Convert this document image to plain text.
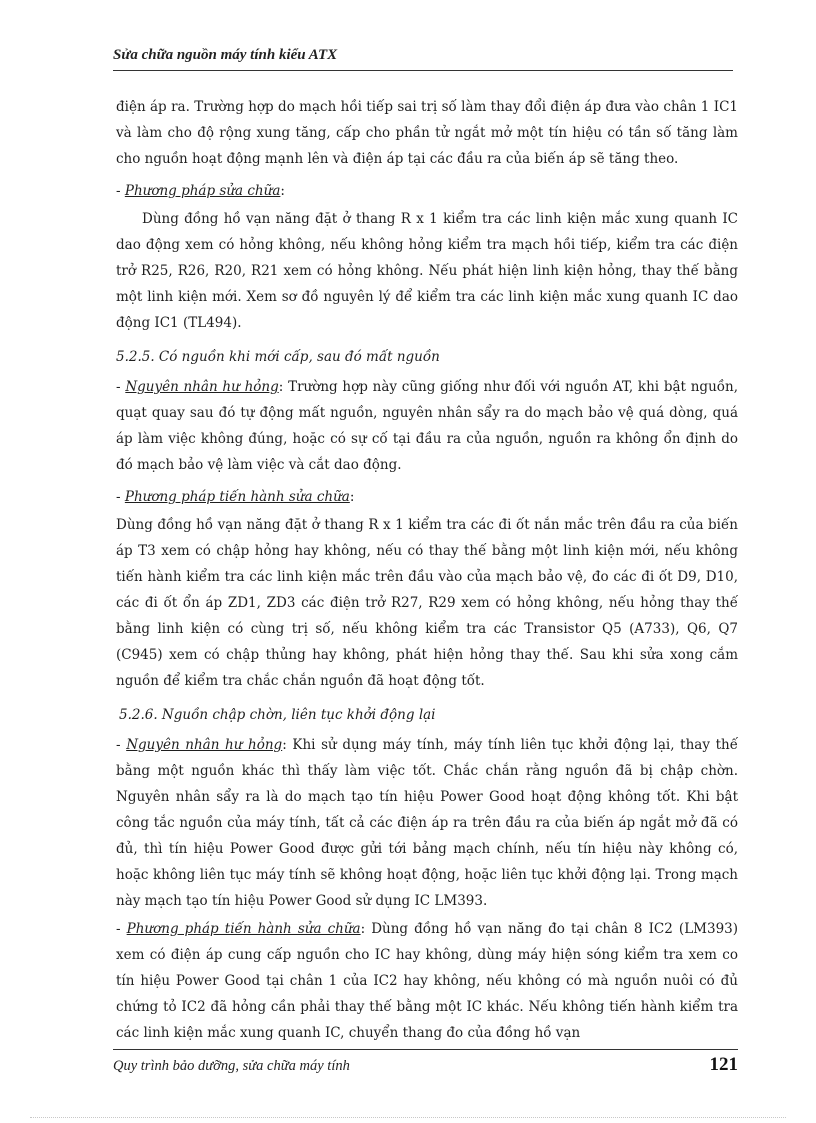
Sửa chữa nguồn máy tính kiểu ATX

điện áp ra. Trường hợp do mạch hồi tiếp sai trị số làm thay đổi điện áp đưa vào chân 1 IC1 và làm cho độ rộng xung tăng, cấp cho phần tử ngắt mở một tín hiệu có tần số tăng làm cho nguồn hoạt động mạnh lên và điện áp tại các đầu ra của biến áp sẽ tăng theo.

- Phương pháp sửa chữa:

Dùng đồng hồ vạn năng đặt ở thang R x 1 kiểm tra các linh kiện mắc xung quanh IC dao động xem có hỏng không, nếu không hỏng kiểm tra mạch hồi tiếp, kiểm tra các điện trở R25, R26, R20, R21 xem có hỏng không. Nếu phát hiện linh kiện hỏng, thay thế bằng một linh kiện mới. Xem sơ đồ nguyên lý để kiểm tra các linh kiện mắc xung quanh IC dao động IC1 (TL494).

5.2.5. Có nguồn khi mới cấp, sau đó mất nguồn

- Nguyên nhân hư hỏng: Trường hợp này cũng giống như đối với nguồn AT, khi bật nguồn, quạt quay sau đó tự động mất nguồn, nguyên nhân sẩy ra do mạch bảo vệ quá dòng, quá áp làm việc không đúng, hoặc có sự cố tại đầu ra của nguồn, nguồn ra không ổn định do đó mạch bảo vệ làm việc và cắt dao động.

- Phương pháp tiến hành sửa chữa:

Dùng đồng hồ vạn năng đặt ở thang R x 1 kiểm tra các đi ốt nắn mắc trên đầu ra của biến áp T3 xem có chập hỏng hay không, nếu có thay thế bằng một linh kiện mới, nếu không tiến hành kiểm tra các linh kiện mắc trên đầu vào của mạch bảo vệ, đo các đi ốt D9, D10, các đi ốt ổn áp ZD1, ZD3 các điện trở R27, R29 xem có hỏng không, nếu hỏng thay thế bằng linh kiện có cùng trị số, nếu không kiểm tra các Transistor Q5 (A733), Q6, Q7 (C945) xem có chập thủng hay không, phát hiện hỏng thay thế. Sau khi sửa xong cắm nguồn để kiểm tra chắc chắn nguồn đã hoạt động tốt.

5.2.6. Nguồn chập chờn, liên tục khởi động lại

- Nguyên nhân hư hỏng: Khi sử dụng máy tính, máy tính liên tục khởi động lại, thay thế bằng một nguồn khác thì thấy làm việc tốt. Chắc chắn rằng nguồn đã bị chập chờn. Nguyên nhân sẩy ra là do mạch tạo tín hiệu Power Good hoạt động không tốt. Khi bật công tắc nguồn của máy tính, tất cả các điện áp ra trên đầu ra của biến áp ngắt mở đã có đủ, thì tín hiệu Power Good được gửi tới bảng mạch chính, nếu tín hiệu này không có, hoặc không liên tục máy tính sẽ không hoạt động, hoặc liên tục khởi động lại. Trong mạch này mạch tạo tín hiệu Power Good sử dụng IC LM393.

- Phương pháp tiến hành sửa chữa: Dùng đồng hồ vạn năng đo tại chân 8 IC2 (LM393) xem có điện áp cung cấp nguồn cho IC hay không, dùng máy hiện sóng kiểm tra xem co tín hiệu Power Good tại chân 1 của IC2 hay không, nếu không có mà nguồn nuôi có đủ chứng tỏ IC2 đã hỏng cần phải thay thế bằng một IC khác. Nếu không tiến hành kiểm tra các linh kiện mắc xung quanh IC, chuyển thang đo của đồng hồ vạn

Quy trình bảo dưỡng, sửa chữa máy tính	121
